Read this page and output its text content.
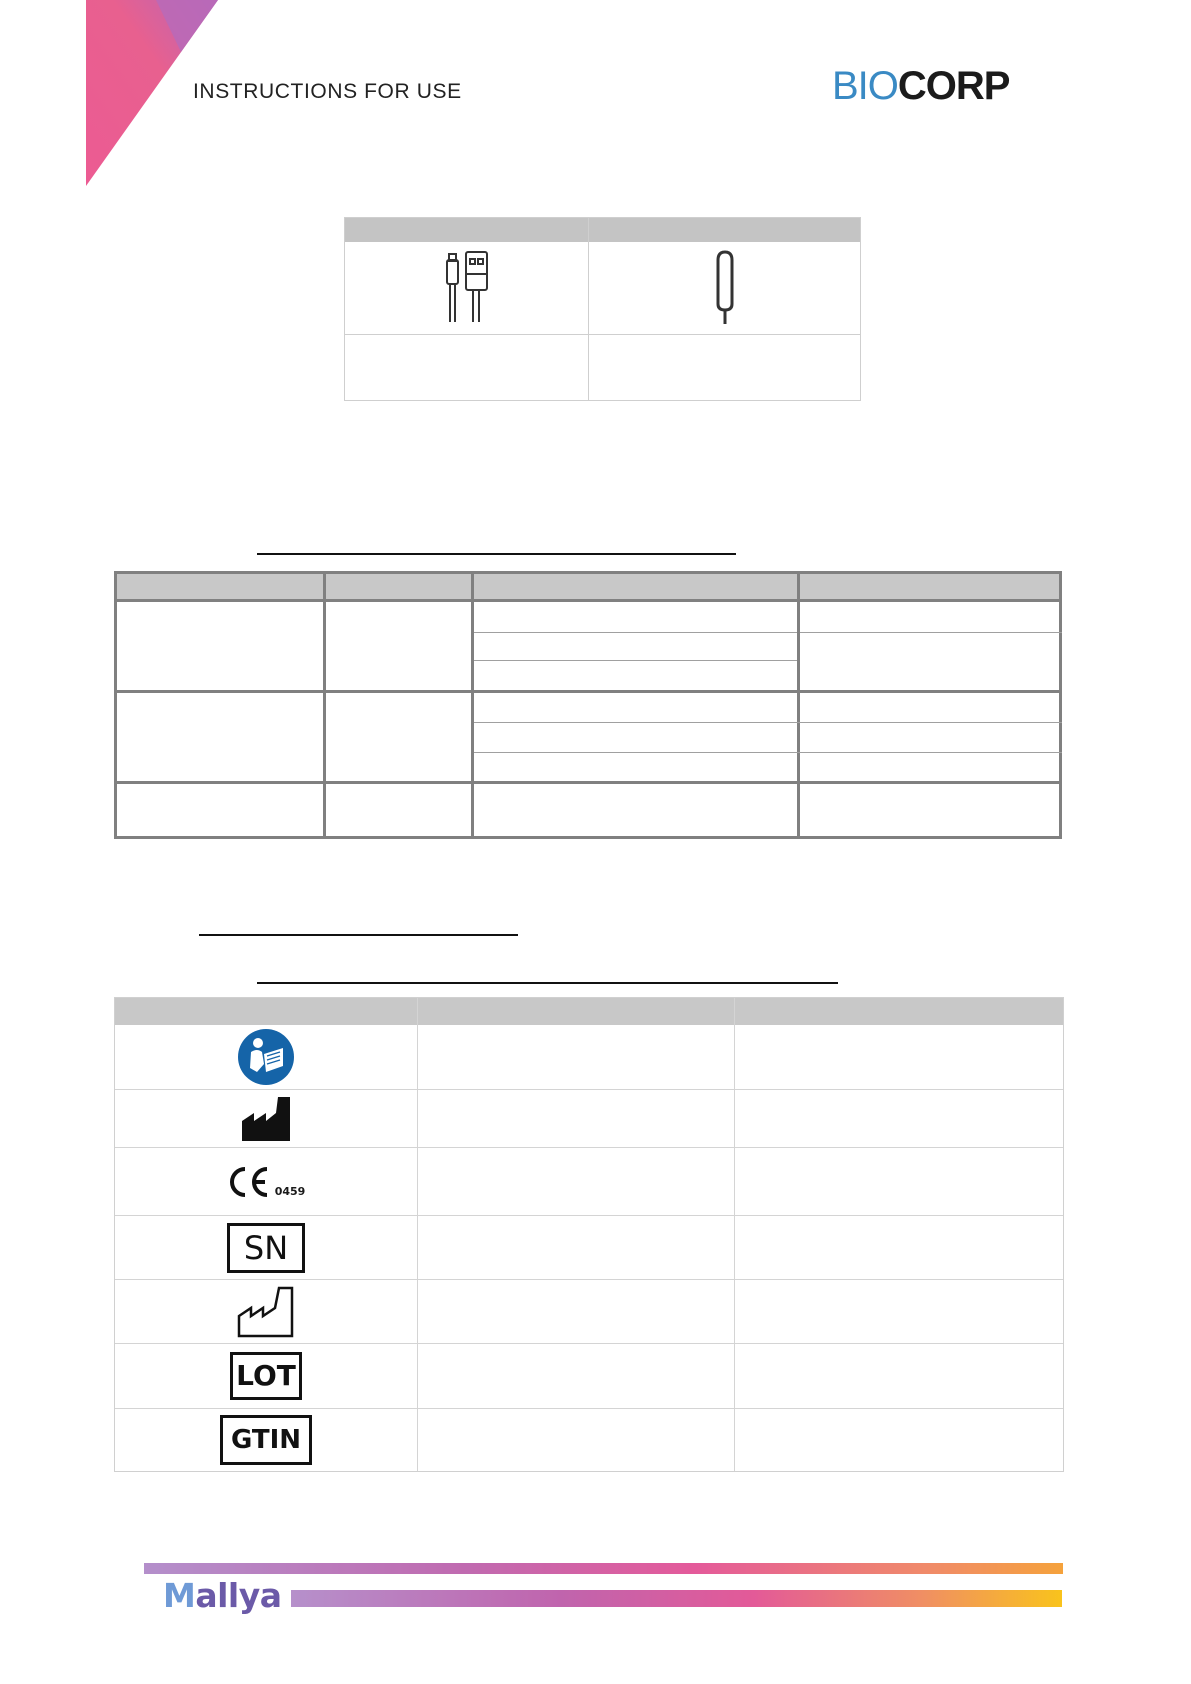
INSTRUCTIONS FOR USE	BIOCORP
0459
SN
LOT
GTIN
Mallya
